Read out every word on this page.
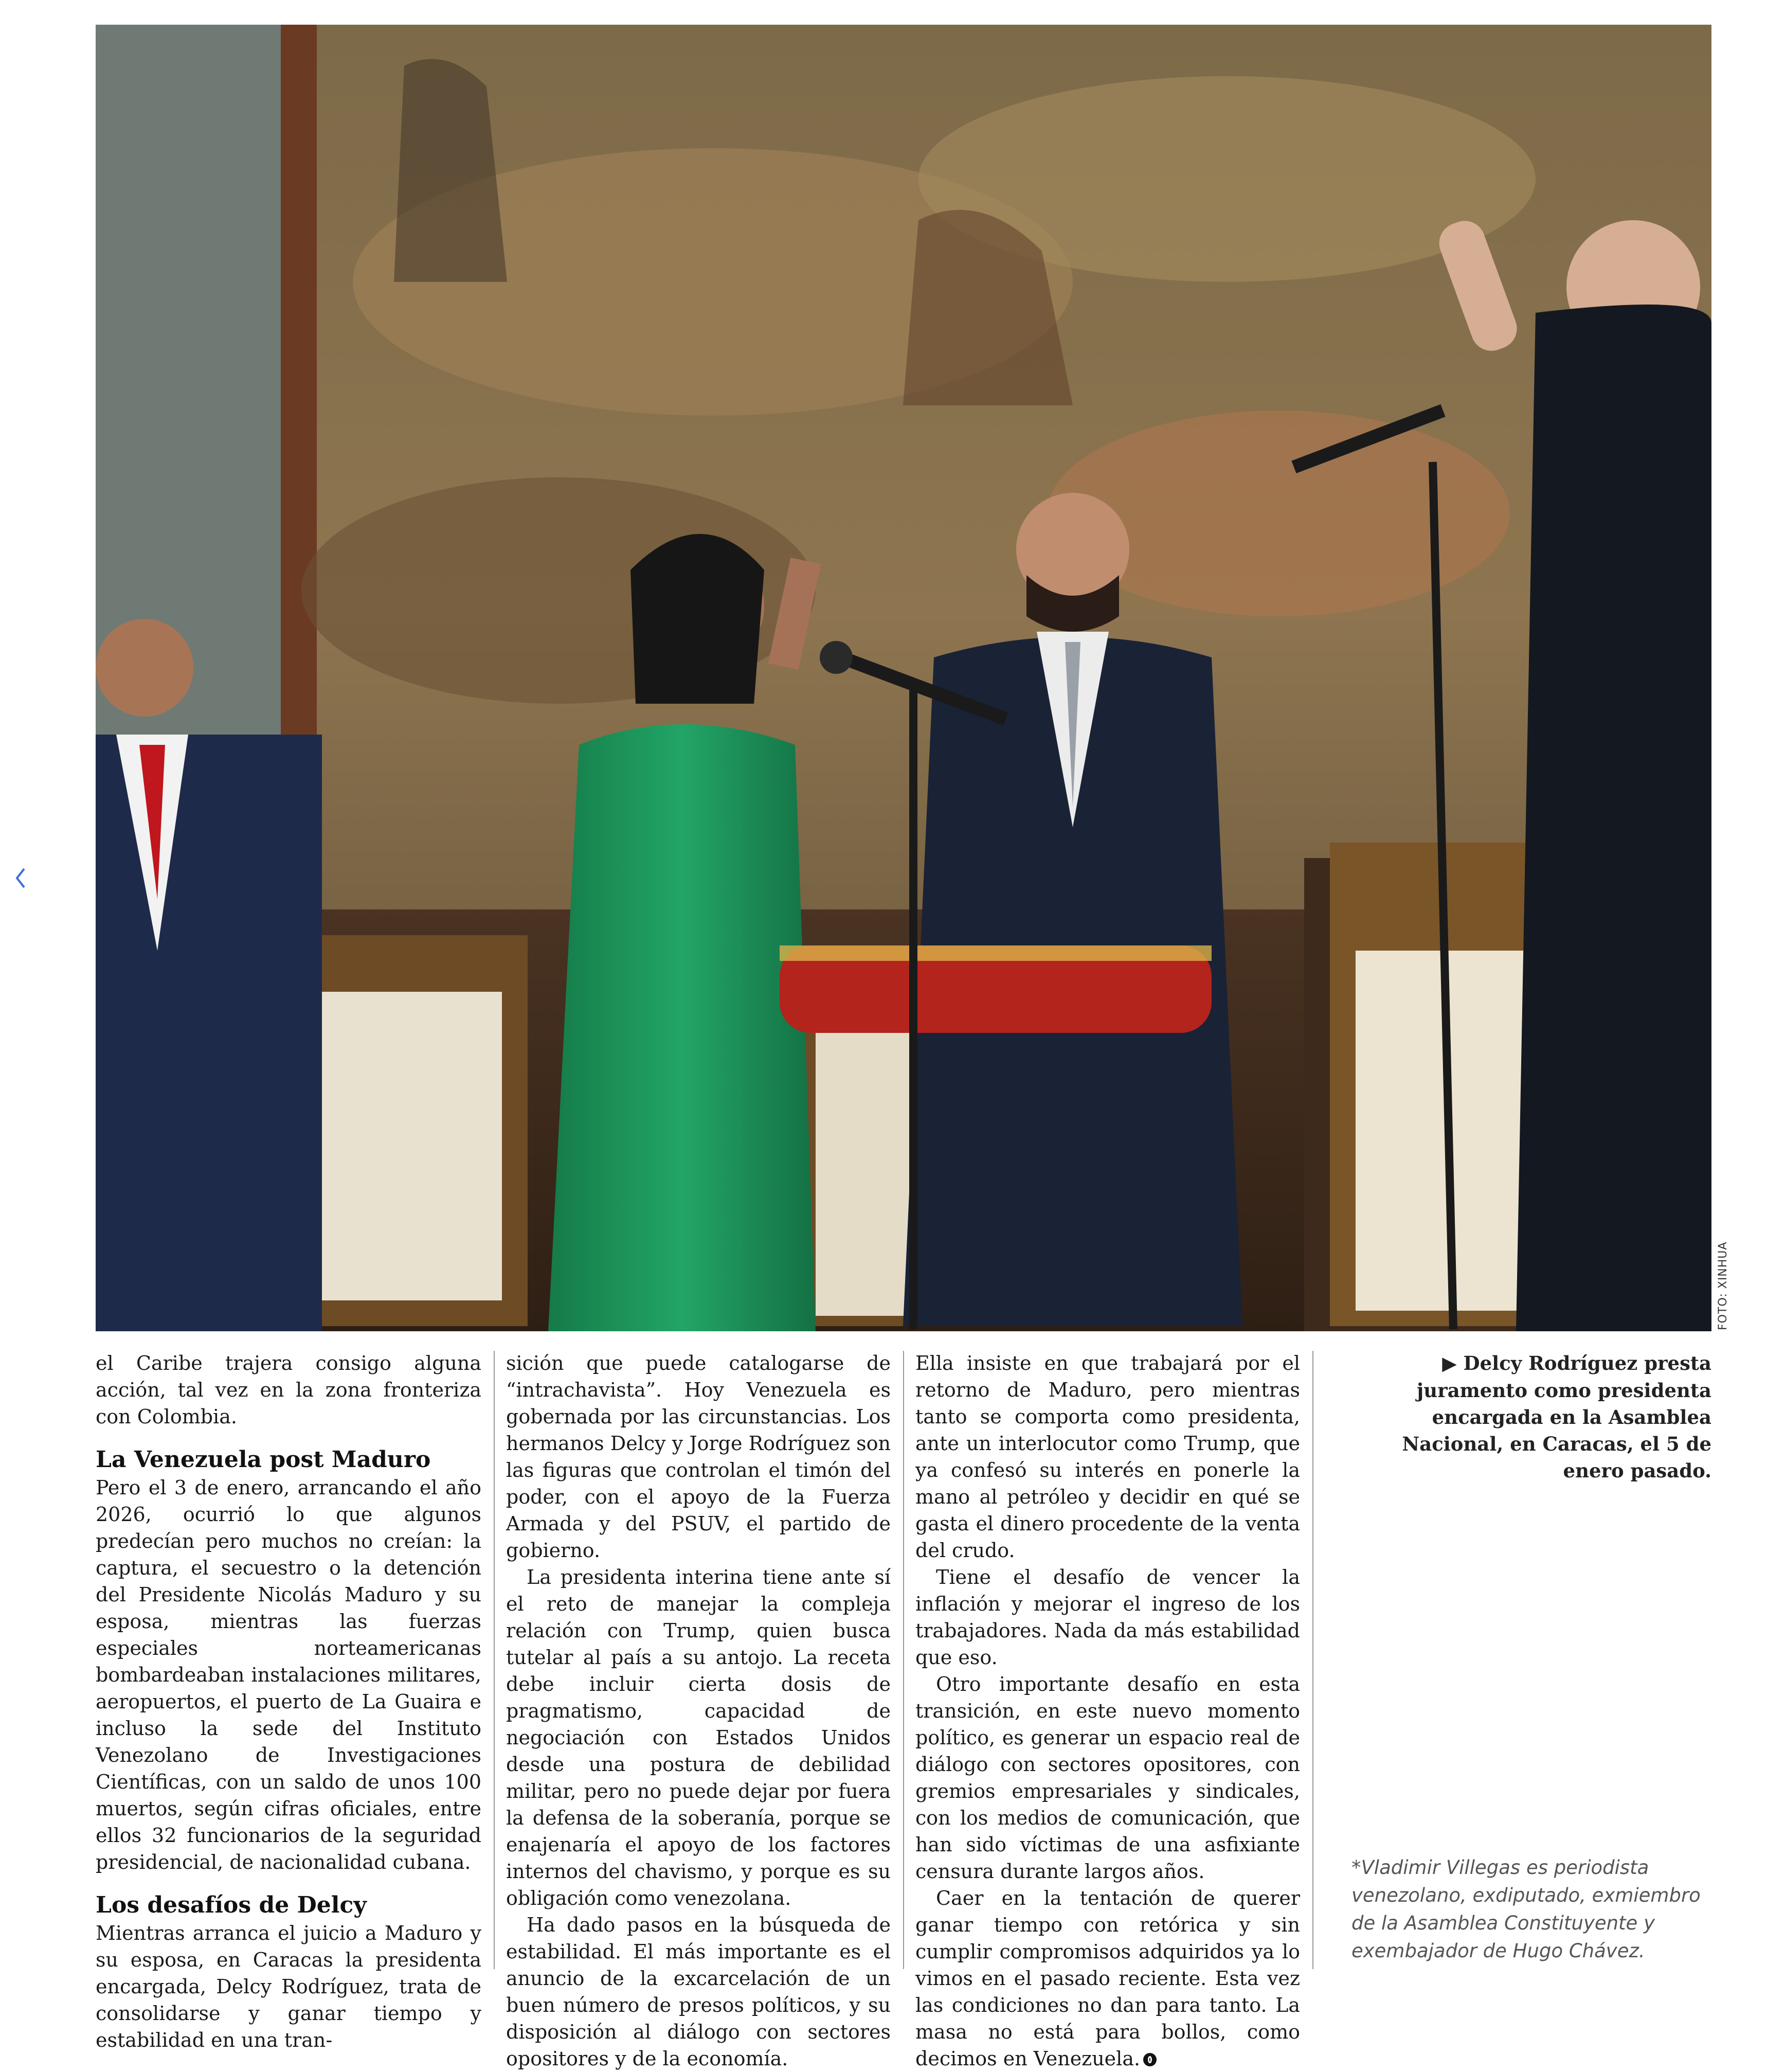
FOTO: XINHUA

el Caribe trajera consigo alguna acción, tal vez en la zona fronteriza con Colombia.

La Venezuela post Maduro

Pero el 3 de enero, arrancando el año 2026, ocurrió lo que algunos predecían pero muchos no creían: la captura, el secuestro o la detención del Presidente Nicolás Maduro y su esposa, mientras las fuerzas especiales norteamericanas bombardeaban instalaciones militares, aeropuertos, el puerto de La Guaira e incluso la sede del Instituto Venezolano de Investigaciones Científicas, con un saldo de unos 100 muertos, según cifras oficiales, entre ellos 32 funcionarios de la seguridad presidencial, de nacionalidad cubana.

Los desafíos de Delcy

Mientras arranca el juicio a Maduro y su esposa, en Caracas la presidenta encargada, Delcy Rodríguez, trata de consolidarse y ganar tiempo y estabilidad en una tran-

sición que puede catalogarse de “intrachavista”. Hoy Venezuela es gobernada por las circunstancias. Los hermanos Delcy y Jorge Rodríguez son las figuras que controlan el timón del poder, con el apoyo de la Fuerza Armada y del PSUV, el partido de gobierno.

La presidenta interina tiene ante sí el reto de manejar la compleja relación con Trump, quien busca tutelar al país a su antojo. La receta debe incluir cierta dosis de pragmatismo, capacidad de negociación con Estados Unidos desde una postura de debilidad militar, pero no puede dejar por fuera la defensa de la soberanía, porque se enajenaría el apoyo de los factores internos del chavismo, y porque es su obligación como venezolana.

Ha dado pasos en la búsqueda de estabilidad. El más importante es el anuncio de la excarcelación de un buen número de presos políticos, y su disposición al diálogo con sectores opositores y de la economía.

Ella insiste en que trabajará por el retorno de Maduro, pero mientras tanto se comporta como presidenta, ante un interlocutor como Trump, que ya confesó su interés en ponerle la mano al petróleo y decidir en qué se gasta el dinero procedente de la venta del crudo.

Tiene el desafío de vencer la inflación y mejorar el ingreso de los trabajadores. Nada da más estabilidad que eso.

Otro importante desafío en esta transición, en este nuevo momento político, es generar un espacio real de diálogo con sectores opositores, con gremios empresariales y sindicales, con los medios de comunicación, que han sido víctimas de una asfixiante censura durante largos años.

Caer en la tentación de querer ganar tiempo con retórica y sin cumplir compromisos adquiridos ya lo vimos en el pasado reciente. Esta vez las condiciones no dan para tanto. La masa no está para bollos, como decimos en Venezuela.

▶ Delcy Rodríguez presta juramento como presidenta encargada en la Asamblea Nacional, en Caracas, el 5 de enero pasado.
*Vladimir Villegas es periodista venezolano, exdiputado, exmiembro de la Asamblea Constituyente y exembajador de Hugo Chávez.
